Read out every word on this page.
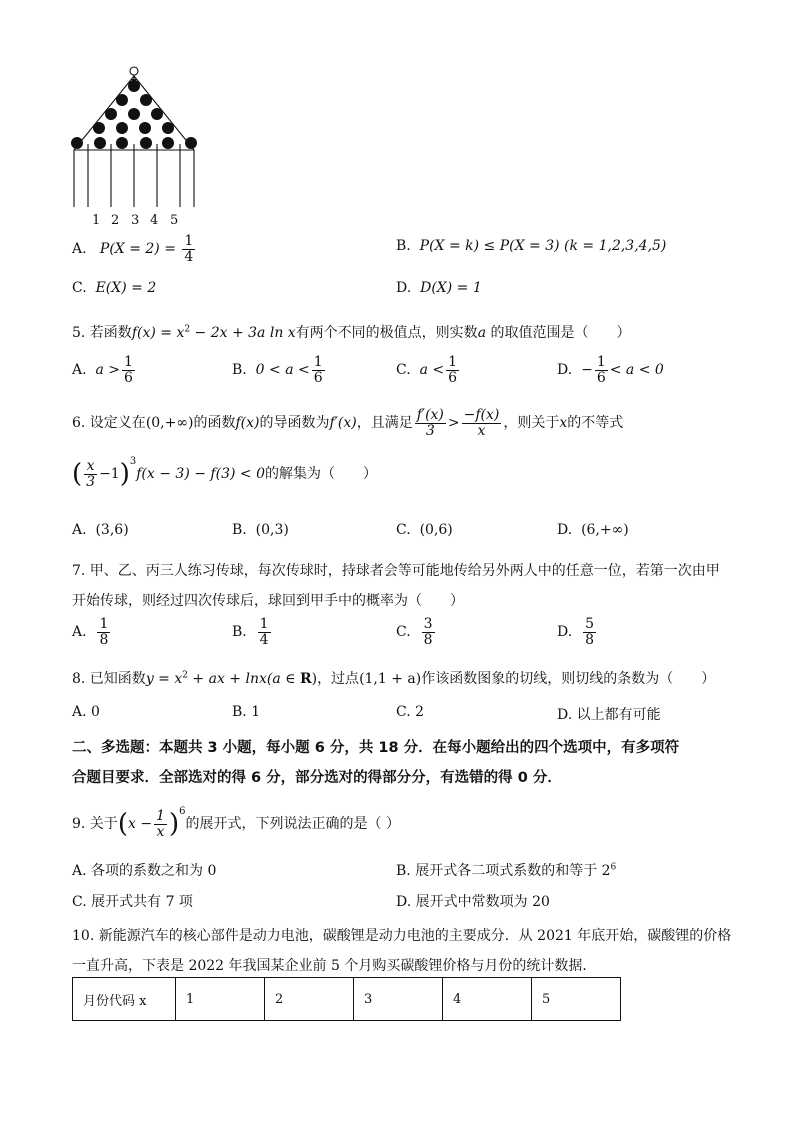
1 2 3 4 5
A. $P(X = 2) = \frac{1}{4}$	B. P(X = k) ≤ P(X = 3) (k = 1,2,3,4,5)
C. E(X) = 2	D. D(X) = 1
5. 若函数$f(x) = x^2 - 2x + 3a$ ln x有两个不同的极值点，则实数a 的取值范围是（　　）
A. $a > \frac{1}{6}$	B. $0 < a < \frac{1}{6}$	C. $a < \frac{1}{6}$	D. − $\frac{1}{6} < a < 0$
6. 设定义在(0,+∞)的函数f(x)的导函数为f′(x)，且满足 $\frac{f'(x)}{3} > \frac{-f(x)}{x}$ ，则关于x的不等式
( $\frac{x}{3} -1)^3f(x - 3) - f(3) < 0$的解集为（　　）
A. (3,6)	B. (0,3)	C. (0,6)	D. (6,+∞)
7. 甲、乙、丙三人练习传球，每次传球时，持球者会等可能地传给另外两人中的任意一位，若第一次由甲
开始传球，则经过四次传球后，球回到甲手中的概率为（　　）
A. $\frac{1}{8}$	B. $\frac{1}{4}$	C. $\frac{3}{8}$	D. $\frac{5}{8}$
8. 已知函数$y = x^2$ + ax + lnx(a ∈ R)，过点(1,1 + a)作该函数图象的切线，则切线的条数为（　　）
A. 0	B. 1	C. 2	D. 以上都有可能
二、多选题：本题共 3 小题，每小题 6 分，共 18 分．在每小题给出的四个选项中，有多项符
合题目要求．全部选对的得 6 分，部分选对的得部分分，有选错的得 0 分．
9. 关于$(x - \frac{1}{x} )^6$的展开式，下列说法正确的是（ ）
A. 各项的系数之和为 0	B. 展开式各二项式系数的和等于 $2^6$
C. 展开式共有 7 项	D. 展开式中常数项为 20
10. 新能源汽车的核心部件是动力电池，碳酸锂是动力电池的主要成分．从 2021 年底开始，碳酸锂的价格
一直升高，下表是 2022 年我国某企业前 5 个月购买碳酸锂价格与月份的统计数据．
月份代码 x	1	2	3	4	5
